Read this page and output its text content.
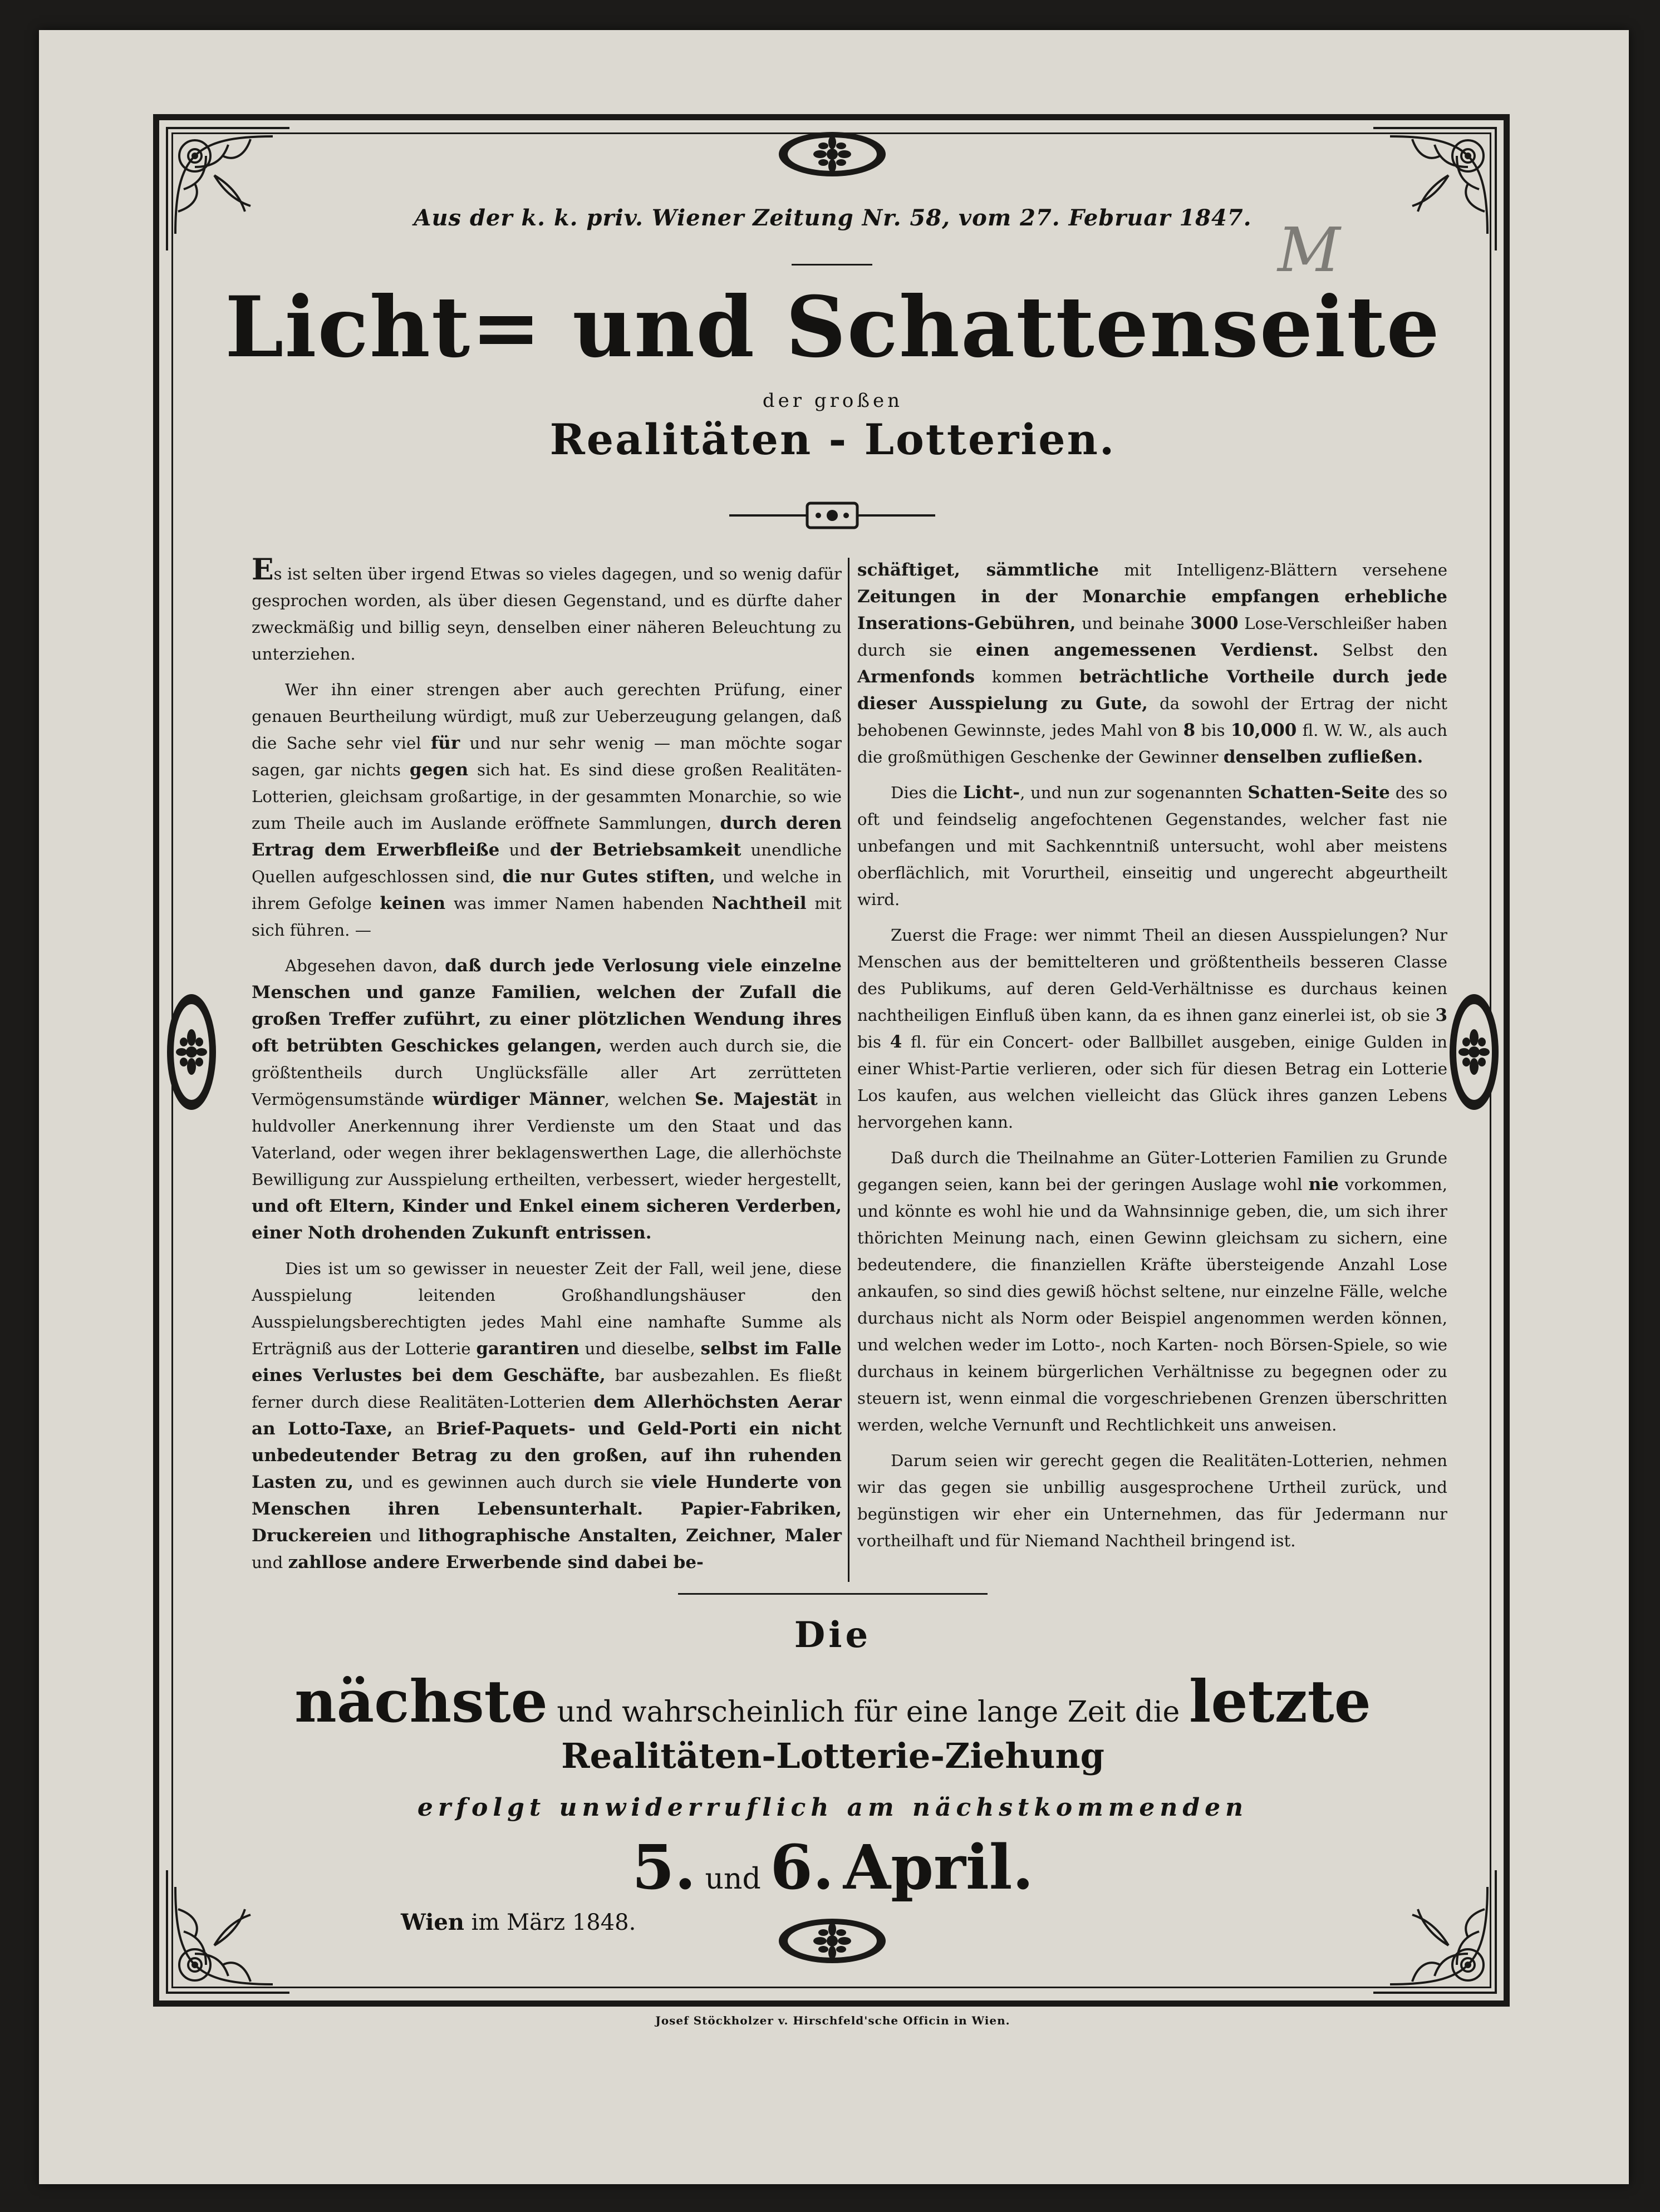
M
Aus der k. k. priv. Wiener Zeitung Nr. 58, vom 27. Februar 1847.
Licht= und Schattenseite
der großen
Realitäten - Lotterien.

Es ist selten über irgend Etwas so vieles dagegen, und so wenig dafür gesprochen worden, als über diesen Gegenstand, und es dürfte daher zweckmäßig und billig seyn, denselben einer näheren Beleuchtung zu unterziehen.

Wer ihn einer strengen aber auch gerechten Prüfung, einer genauen Beurtheilung würdigt, muß zur Ueberzeugung gelangen, daß die Sache sehr viel für und nur sehr wenig — man möchte sogar sagen, gar nichts gegen sich hat. Es sind diese großen Realitäten-Lotterien, gleichsam großartige, in der gesammten Monarchie, so wie zum Theile auch im Auslande eröffnete Sammlungen, durch deren Ertrag dem Erwerbfleiße und der Betriebsamkeit unendliche Quellen aufgeschlossen sind, die nur Gutes stiften, und welche in ihrem Gefolge keinen was immer Namen habenden Nachtheil mit sich führen. —

Abgesehen davon, daß durch jede Verlosung viele einzelne Menschen und ganze Familien, welchen der Zufall die großen Treffer zuführt, zu einer plötzlichen Wendung ihres oft betrübten Geschickes gelangen, werden auch durch sie, die größtentheils durch Unglücksfälle aller Art zerrütteten Vermögensumstände würdiger Männer, welchen Se. Majestät in huldvoller Anerkennung ihrer Verdienste um den Staat und das Vaterland, oder wegen ihrer beklagenswerthen Lage, die allerhöchste Bewilligung zur Ausspielung ertheilten, verbessert, wieder hergestellt, und oft Eltern, Kinder und Enkel einem sicheren Verderben, einer Noth drohenden Zukunft entrissen.

Dies ist um so gewisser in neuester Zeit der Fall, weil jene, diese Ausspielung leitenden Großhandlungshäuser den Ausspielungsberechtigten jedes Mahl eine namhafte Summe als Erträgniß aus der Lotterie garantiren und dieselbe, selbst im Falle eines Verlustes bei dem Geschäfte, bar ausbezahlen. Es fließt ferner durch diese Realitäten-Lotterien dem Allerhöchsten Aerar an Lotto-Taxe, an Brief-Paquets- und Geld-Porti ein nicht unbedeutender Betrag zu den großen, auf ihn ruhenden Lasten zu, und es gewinnen auch durch sie viele Hunderte von Menschen ihren Lebensunterhalt. Papier-Fabriken, Druckereien und lithographische Anstalten, Zeichner, Maler und zahllose andere Erwerbende sind dabei be-

schäftiget, sämmtliche mit Intelligenz-Blättern versehene Zeitungen in der Monarchie empfangen erhebliche Inserations-Gebühren, und beinahe 3000 Lose-Verschleißer haben durch sie einen angemessenen Verdienst. Selbst den Armenfonds kommen beträchtliche Vortheile durch jede dieser Ausspielung zu Gute, da sowohl der Ertrag der nicht behobenen Gewinnste, jedes Mahl von 8 bis 10,000 fl. W. W., als auch die großmüthigen Geschenke der Gewinner denselben zufließen.

Dies die Licht-, und nun zur sogenannten Schatten-Seite des so oft und feindselig angefochtenen Gegenstandes, welcher fast nie unbefangen und mit Sachkenntniß untersucht, wohl aber meistens oberflächlich, mit Vorurtheil, einseitig und ungerecht abgeurtheilt wird.

Zuerst die Frage: wer nimmt Theil an diesen Ausspielungen? Nur Menschen aus der bemittelteren und größtentheils besseren Classe des Publikums, auf deren Geld-Verhältnisse es durchaus keinen nachtheiligen Einfluß üben kann, da es ihnen ganz einerlei ist, ob sie 3 bis 4 fl. für ein Concert- oder Ballbillet ausgeben, einige Gulden in einer Whist-Partie verlieren, oder sich für diesen Betrag ein Lotterie Los kaufen, aus welchen vielleicht das Glück ihres ganzen Lebens hervorgehen kann.

Daß durch die Theilnahme an Güter-Lotterien Familien zu Grunde gegangen seien, kann bei der geringen Auslage wohl nie vorkommen, und könnte es wohl hie und da Wahnsinnige geben, die, um sich ihrer thörichten Meinung nach, einen Gewinn gleichsam zu sichern, eine bedeutendere, die finanziellen Kräfte übersteigende Anzahl Lose ankaufen, so sind dies gewiß höchst seltene, nur einzelne Fälle, welche durchaus nicht als Norm oder Beispiel angenommen werden können, und welchen weder im Lotto-, noch Karten- noch Börsen-Spiele, so wie durchaus in keinem bürgerlichen Verhältnisse zu begegnen oder zu steuern ist, wenn einmal die vorgeschriebenen Grenzen überschritten werden, welche Vernunft und Rechtlichkeit uns anweisen.

Darum seien wir gerecht gegen die Realitäten-Lotterien, nehmen wir das gegen sie unbillig ausgesprochene Urtheil zurück, und begünstigen wir eher ein Unternehmen, das für Jedermann nur vortheilhaft und für Niemand Nachtheil bringend ist.

Die
nächste und wahrscheinlich für eine lange Zeit die letzte
Realitäten-Lotterie-Ziehung
erfolgt unwiderruflich am nächstkommenden
5. und 6. April.
Wien im März 1848.
Josef Stöckholzer v. Hirschfeld'sche Officin in Wien.
